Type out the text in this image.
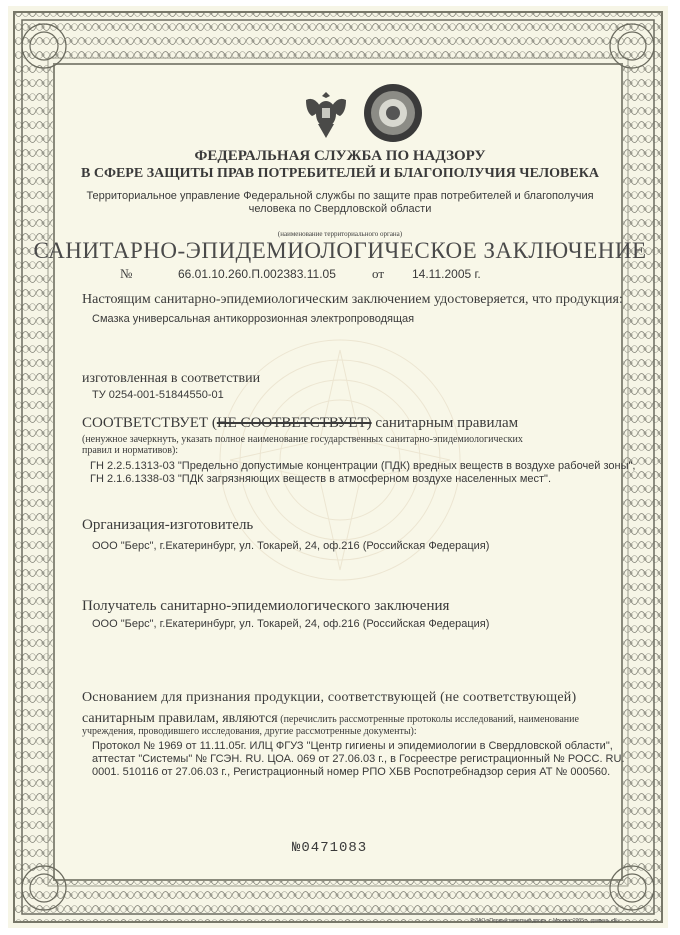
ФЕДЕРАЛЬНАЯ СЛУЖБА ПО НАДЗОРУ
В СФЕРЕ ЗАЩИТЫ ПРАВ ПОТРЕБИТЕЛЕЙ И БЛАГОПОЛУЧИЯ ЧЕЛОВЕКА
Территориальное управление Федеральной службы по защите прав потребителей и благополучия
человека по Свердловской области
(наименование территориального органа)
САНИТАРНО-ЭПИДЕМИОЛОГИЧЕСКОЕ ЗАКЛЮЧЕНИЕ
№	66.01.10.260.П.002383.11.05	от 14.11.2005 г.
Настоящим санитарно-эпидемиологическим заключением удостоверяется, что продукция:
Смазка универсальная антикоррозионная электропроводящая
изготовленная в соответствии
ТУ 0254-001-51844550-01
СООТВЕТСТВУЕТ (НЕ СООТВЕТСТВУЕТ) санитарным правилам
(ненужное зачеркнуть, указать полное наименование государственных санитарно-эпидемиологических
правил и нормативов):
ГН 2.2.5.1313-03 "Предельно допустимые концентрации (ПДК) вредных веществ в воздухе рабочей зоны",
ГН 2.1.6.1338-03 "ПДК загрязняющих веществ в атмосферном воздухе населенных мест".
Организация-изготовитель
ООО "Берс", г.Екатеринбург, ул. Токарей, 24, оф.216 (Российская Федерация)
Получатель санитарно-эпидемиологического заключения
ООО "Берс", г.Екатеринбург, ул. Токарей, 24, оф.216 (Российская Федерация)
Основанием для признания продукции, соответствующей (не соответствующей)
санитарным правилам, являются (перечислить рассмотренные протоколы исследований, наименование
учреждения, проводившего исследования, другие рассмотренные документы):
Протокол № 1969 от 11.11.05г. ИЛЦ ФГУЗ "Центр гигиены и эпидемиологии в Свердловской области",
аттестат "Системы" № ГСЭН. RU. ЦОА. 069 от 27.06.03 г., в Госреестре регистрационный № РОСС. RU.
0001. 510116 от 27.06.03 г., Регистрационный номер РПО ХБВ Роспотребнадзор серия АТ № 000560.
№0471083
© ЗАО «Первый печатный двор», г. Москва, 2005 г., уровень «В»
